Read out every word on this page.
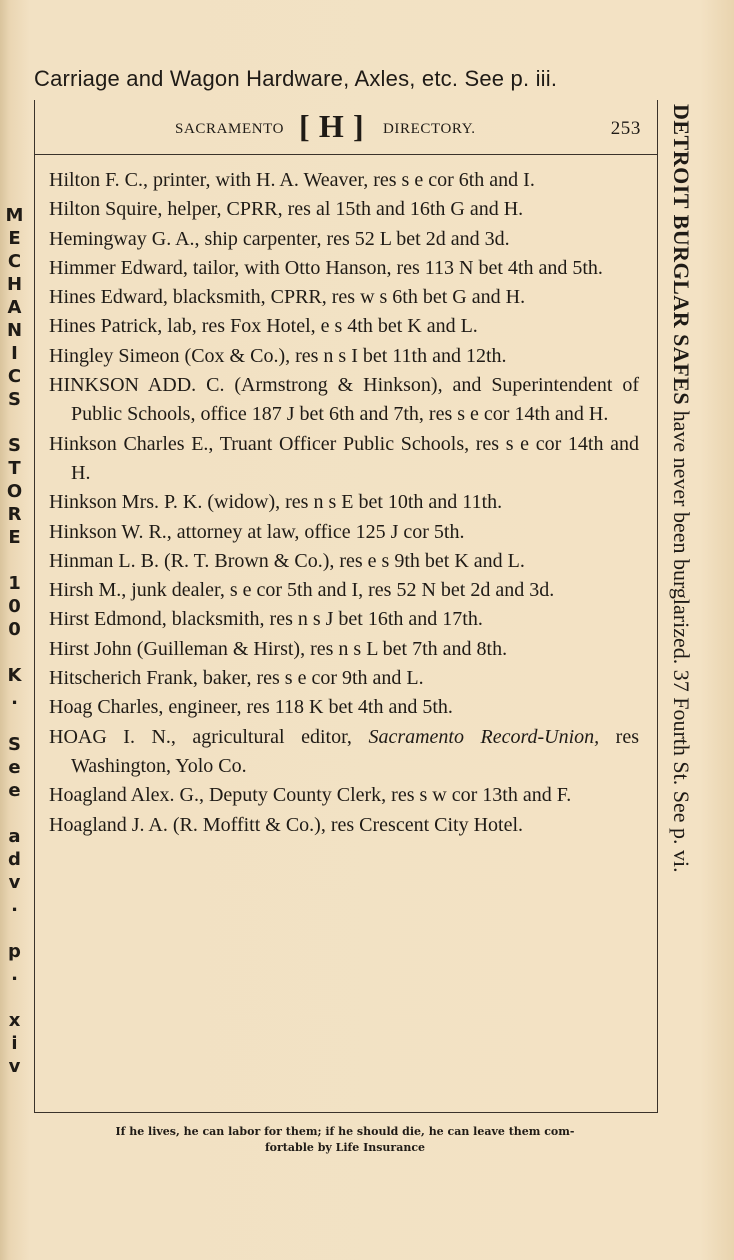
Carriage and Wagon Hardware, Axles, etc. See p. iii.
MECHANICS STORE 100 K. See adv. p. xiv
SACRAMENTO [ H ] DIRECTORY.	253
Hilton F. C., printer, with H. A. Weaver, res s e cor 6th and I.
Hilton Squire, helper, CPRR, res al 15th and 16th G and H.
Hemingway G. A., ship carpenter, res 52 L bet 2d and 3d.
Himmer Edward, tailor, with Otto Hanson, res 113 N bet 4th and 5th.
Hines Edward, blacksmith, CPRR, res w s 6th bet G and H.
Hines Patrick, lab, res Fox Hotel, e s 4th bet K and L.
Hingley Simeon (Cox & Co.), res n s I bet 11th and 12th.
HINKSON ADD. C. (Armstrong & Hinkson), and Superintendent of Public Schools, office 187 J bet 6th and 7th, res s e cor 14th and H.
Hinkson Charles E., Truant Officer Public Schools, res s e cor 14th and H.
Hinkson Mrs. P. K. (widow), res n s E bet 10th and 11th.
Hinkson W. R., attorney at law, office 125 J cor 5th.
Hinman L. B. (R. T. Brown & Co.), res e s 9th bet K and L.
Hirsh M., junk dealer, s e cor 5th and I, res 52 N bet 2d and 3d.
Hirst Edmond, blacksmith, res n s J bet 16th and 17th.
Hirst John (Guilleman & Hirst), res n s L bet 7th and 8th.
Hitscherich Frank, baker, res s e cor 9th and L.
Hoag Charles, engineer, res 118 K bet 4th and 5th.
HOAG I. N., agricultural editor, Sacramento Record-Union, res Washington, Yolo Co.
Hoagland Alex. G., Deputy County Clerk, res s w cor 13th and F.
Hoagland J. A. (R. Moffitt & Co.), res Crescent City Hotel.
DETROIT BURGLAR SAFES have never been burglarized. 37 Fourth St. See p. vi.
If he lives, he can labor for them; if he should die, he can leave them com-
fortable by Life Insurance
